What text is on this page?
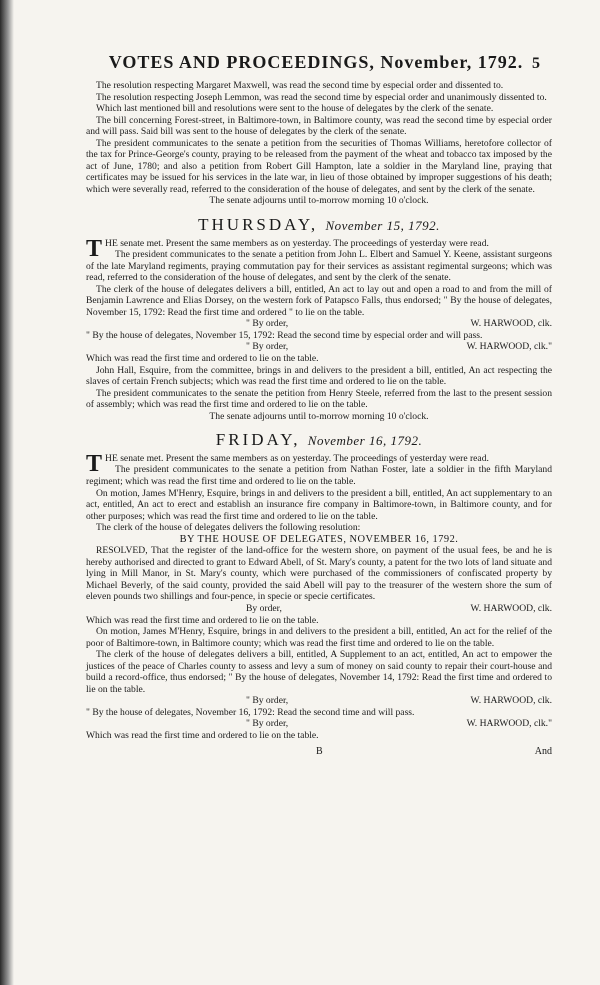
VOTES AND PROCEEDINGS, November, 1792. 5

The resolution respecting Margaret Maxwell, was read the second time by especial order and dissented to.

The resolution respecting Joseph Lemmon, was read the second time by especial order and unanimously dissented to.

Which last mentioned bill and resolutions were sent to the house of delegates by the clerk of the senate.

The bill concerning Forest-street, in Baltimore-town, in Baltimore county, was read the second time by especial order and will pass. Said bill was sent to the house of delegates by the clerk of the senate.

The president communicates to the senate a petition from the securities of Thomas Williams, heretofore collector of the tax for Prince-George's county, praying to be released from the payment of the wheat and tobacco tax imposed by the act of June, 1780; and also a petition from Robert Gill Hampton, late a soldier in the Maryland line, praying that certificates may be issued for his services in the late war, in lieu of those obtained by improper suggestions of his death; which were severally read, referred to the consideration of the house of delegates, and sent by the clerk of the senate.

The senate adjourns until to-morrow morning 10 o'clock.

THURSDAY, November 15, 1792.

T HE senate met. Present the same members as on yesterday. The proceedings of yesterday were read.

The president communicates to the senate a petition from John L. Elbert and Samuel Y. Keene, assistant surgeons of the late Maryland regiments, praying commutation pay for their services as assistant regimental surgeons; which was read, referred to the consideration of the house of delegates, and sent by the clerk of the senate.

The clerk of the house of delegates delivers a bill, entitled, An act to lay out and open a road to and from the mill of Benjamin Lawrence and Elias Dorsey, on the western fork of Patapsco Falls, thus endorsed; " By the house of delegates, November 15, 1792: Read the first time and ordered " to lie on the table.

" By order,	W. HARWOOD, clk.

" By the house of delegates, November 15, 1792: Read the second time by especial order and will pass.

" By order,	W. HARWOOD, clk."

Which was read the first time and ordered to lie on the table.

John Hall, Esquire, from the committee, brings in and delivers to the president a bill, entitled, An act respecting the slaves of certain French subjects; which was read the first time and ordered to lie on the table.

The president communicates to the senate the petition from Henry Steele, referred from the last to the present session of assembly; which was read the first time and ordered to lie on the table.

The senate adjourns until to-morrow morning 10 o'clock.

FRIDAY, November 16, 1792.

T HE senate met. Present the same members as on yesterday. The proceedings of yesterday were read.

The president communicates to the senate a petition from Nathan Foster, late a soldier in the fifth Maryland regiment; which was read the first time and ordered to lie on the table.

On motion, James M'Henry, Esquire, brings in and delivers to the president a bill, entitled, An act supplementary to an act, entitled, An act to erect and establish an insurance fire company in Baltimore-town, in Baltimore county, and for other purposes; which was read the first time and ordered to lie on the table.

The clerk of the house of delegates delivers the following resolution:

BY THE HOUSE OF DELEGATES, NOVEMBER 16, 1792.

RESOLVED, That the register of the land-office for the western shore, on payment of the usual fees, be and he is hereby authorised and directed to grant to Edward Abell, of St. Mary's county, a patent for the two lots of land situate and lying in Mill Manor, in St. Mary's county, which were purchased of the commissioners of confiscated property by Michael Beverly, of the said county, provided the said Abell will pay to the treasurer of the western shore the sum of eleven pounds two shillings and four-pence, in specie or specie certificates.

By order,	W. HARWOOD, clk.

Which was read the first time and ordered to lie on the table.

On motion, James M'Henry, Esquire, brings in and delivers to the president a bill, entitled, An act for the relief of the poor of Baltimore-town, in Baltimore county; which was read the first time and ordered to lie on the table.

The clerk of the house of delegates delivers a bill, entitled, A Supplement to an act, entitled, An act to empower the justices of the peace of Charles county to assess and levy a sum of money on said county to repair their court-house and build a record-office, thus endorsed; " By the house of delegates, November 14, 1792: Read the first time and ordered to lie on the table.

" By order,	W. HARWOOD, clk.

" By the house of delegates, November 16, 1792: Read the second time and will pass.

" By order,	W. HARWOOD, clk."

Which was read the first time and ordered to lie on the table.

B	And
